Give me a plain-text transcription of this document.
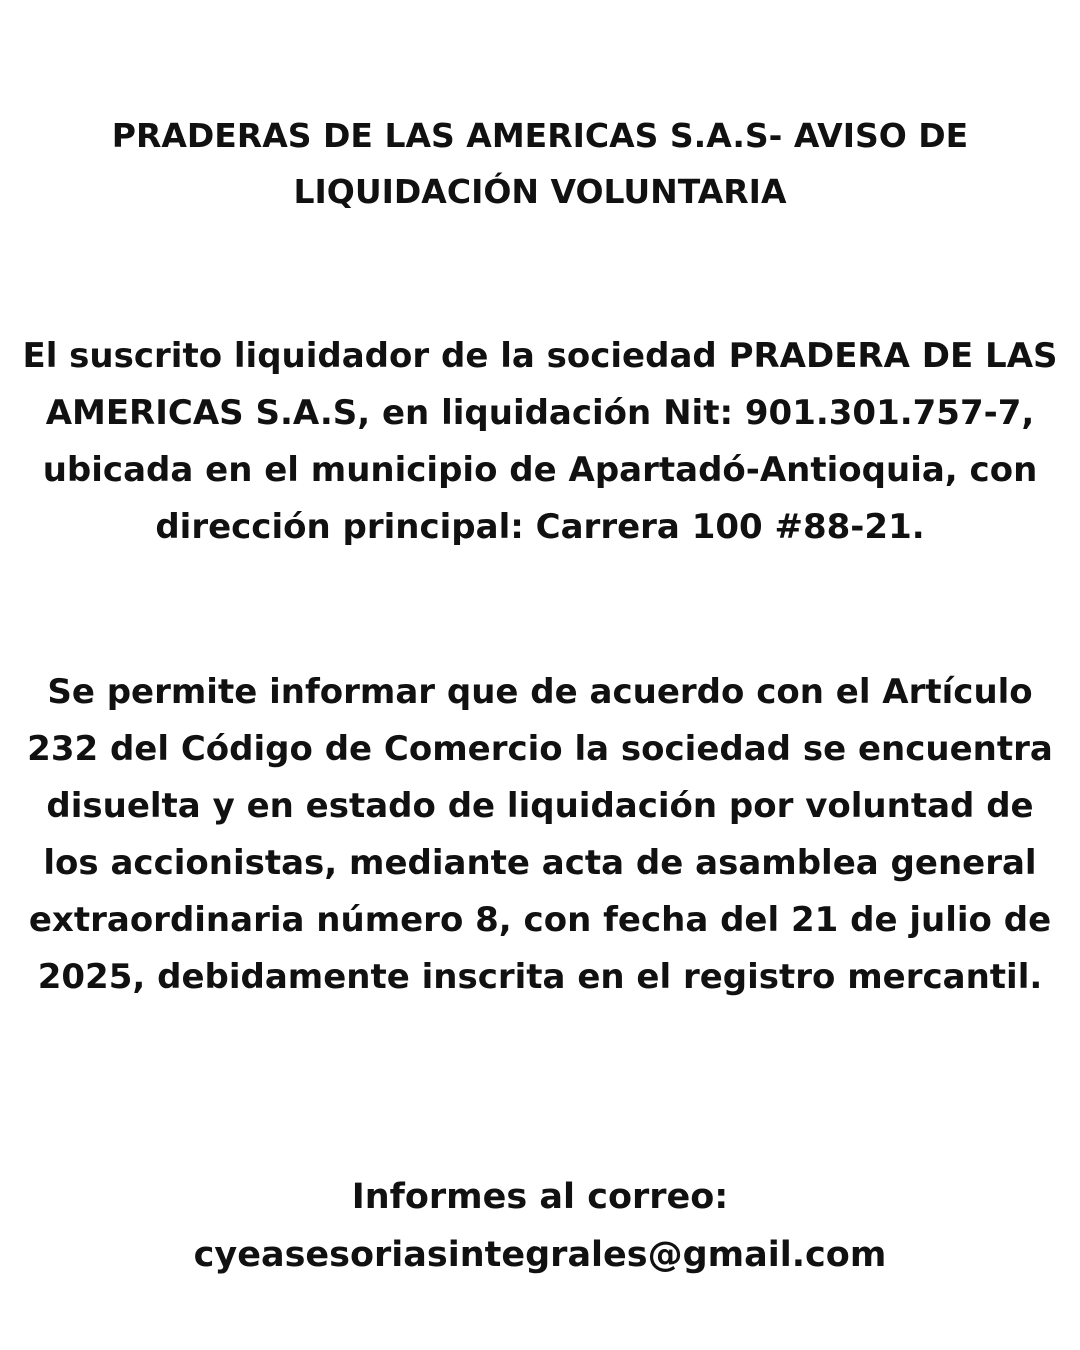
PRADERAS DE LAS AMERICAS S.A.S- AVISO DE LIQUIDACIÓN VOLUNTARIA

El suscrito liquidador de la sociedad PRADERA DE LAS AMERICAS S.A.S, en liquidación Nit: 901.301.757-7, ubicada en el municipio de Apartadó-Antioquia, con dirección principal: Carrera 100 #88-21.

Se permite informar que de acuerdo con el Artículo 232 del Código de Comercio la sociedad se encuentra disuelta y en estado de liquidación por voluntad de los accionistas, mediante acta de asamblea general extraordinaria número 8, con fecha del 21 de julio de 2025, debidamente inscrita en el registro mercantil.

Informes al correo:
cyeasesoriasintegrales@gmail.com
